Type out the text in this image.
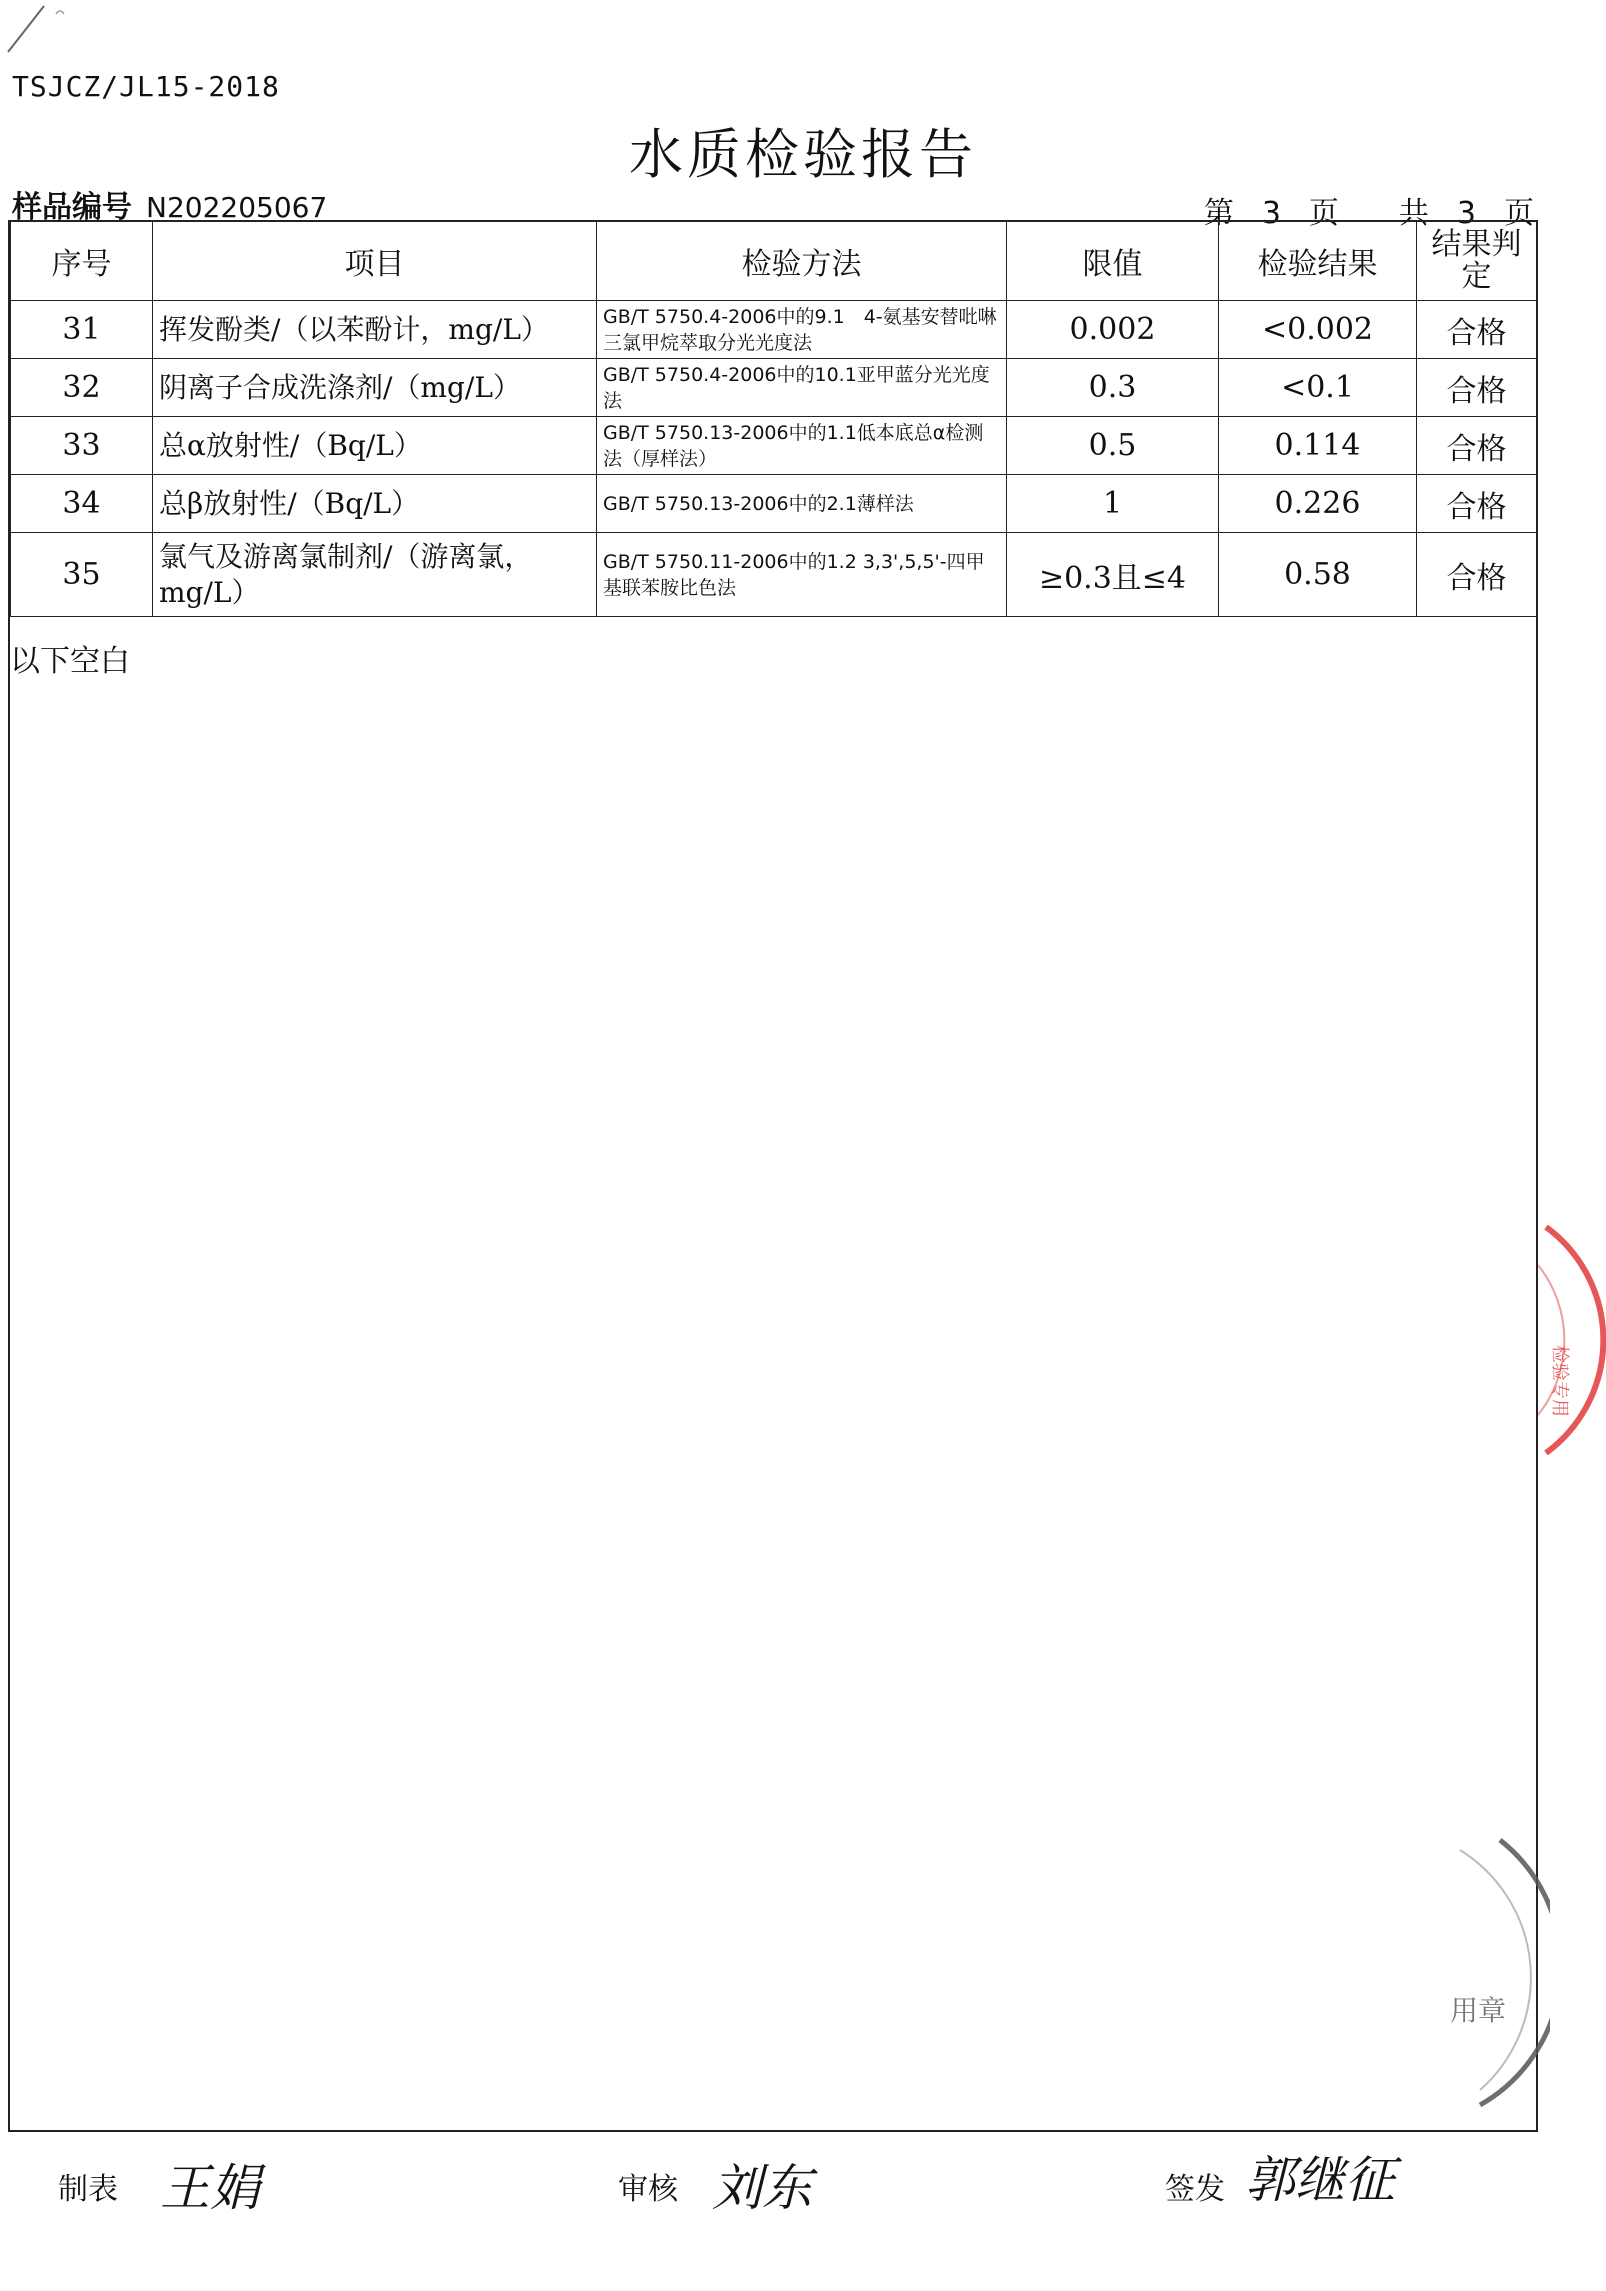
TSJCZ/JL15-2018
水质检验报告
样品编号 N202205067	第 3 页 共 3 页
序号	项目	检验方法	限值	检验结果	结果判定
31	挥发酚类/（以苯酚计，mg/L）	GB/T 5750.4-2006中的9.1　4-氨基安替吡啉三氯甲烷萃取分光光度法	0.002	<0.002	合格
32	阴离子合成洗涤剂/（mg/L）	GB/T 5750.4-2006中的10.1亚甲蓝分光光度法	0.3	<0.1	合格
33	总α放射性/（Bq/L）	GB/T 5750.13-2006中的1.1低本底总α检测法（厚样法）	0.5	0.114	合格
34	总β放射性/（Bq/L）	GB/T 5750.13-2006中的2.1薄样法	1	0.226	合格
35	氯气及游离氯制剂/（游离氯，mg/L）	GB/T 5750.11-2006中的1.2 3,3',5,5'-四甲基联苯胺比色法	≥0.3且≤4	0.58	合格
以下空白
检验专用
用章
制表 王娟	审核 刘东	签发 郭继征
